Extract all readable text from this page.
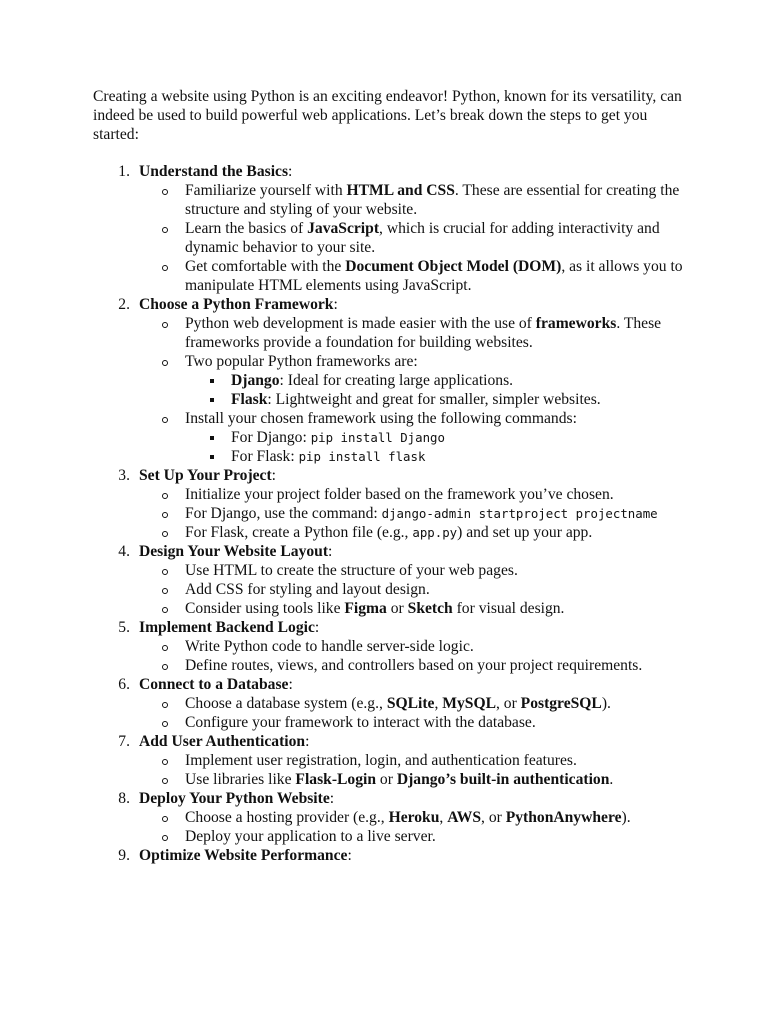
Creating a website using Python is an exciting endeavor! Python, known for its versatility, can indeed be used to build powerful web applications. Let’s break down the steps to get you started:

1. Understand the Basics:
Familiarize yourself with HTML and CSS. These are essential for creating the structure and styling of your website.
Learn the basics of JavaScript, which is crucial for adding interactivity and dynamic behavior to your site.
Get comfortable with the Document Object Model (DOM), as it allows you to manipulate HTML elements using JavaScript.
2. Choose a Python Framework:
Python web development is made easier with the use of frameworks. These frameworks provide a foundation for building websites.
Two popular Python frameworks are:
Django: Ideal for creating large applications.
Flask: Lightweight and great for smaller, simpler websites.
Install your chosen framework using the following commands:
For Django: pip install Django
For Flask: pip install flask
3. Set Up Your Project:
Initialize your project folder based on the framework you’ve chosen.
For Django, use the command: django-admin startproject projectname
For Flask, create a Python file (e.g., app.py) and set up your app.
4. Design Your Website Layout:
Use HTML to create the structure of your web pages.
Add CSS for styling and layout design.
Consider using tools like Figma or Sketch for visual design.
5. Implement Backend Logic:
Write Python code to handle server-side logic.
Define routes, views, and controllers based on your project requirements.
6. Connect to a Database:
Choose a database system (e.g., SQLite, MySQL, or PostgreSQL).
Configure your framework to interact with the database.
7. Add User Authentication:
Implement user registration, login, and authentication features.
Use libraries like Flask-Login or Django’s built-in authentication.
8. Deploy Your Python Website:
Choose a hosting provider (e.g., Heroku, AWS, or PythonAnywhere).
Deploy your application to a live server.
9. Optimize Website Performance:
